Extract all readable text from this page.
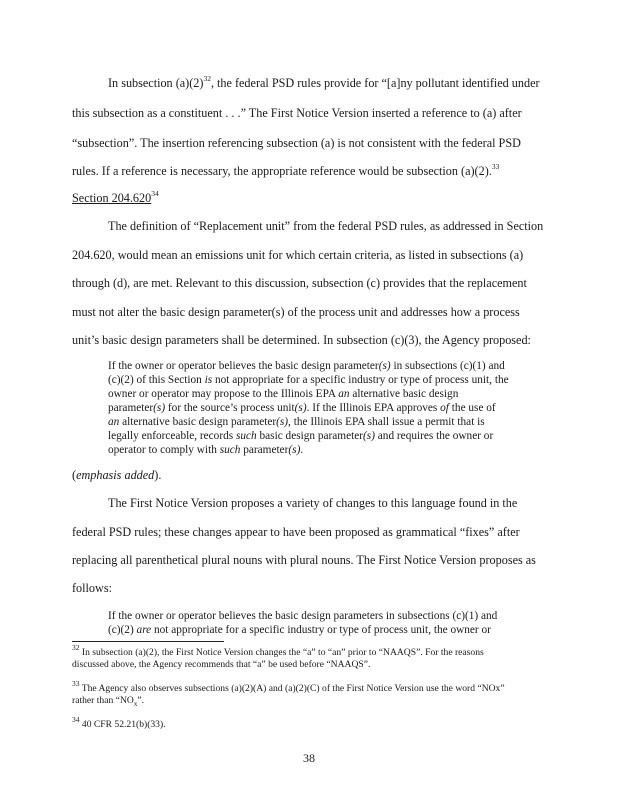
In subsection $(a)(2)^{32}$, the federal PSD rules provide for “[a]ny pollutant identified under
this subsection as a constituent . . .” The First Notice Version inserted a reference to (a) after
“subsection”. The insertion referencing subsection (a) is not consistent with the federal PSD
rules. If a reference is necessary, the appropriate reference would be subsection (a)(2).$^{33}$
Section 204.620$^{34}$
The definition of “Replacement unit” from the federal PSD rules, as addressed in Section
204.620, would mean an emissions unit for which certain criteria, as listed in subsections (a)
through (d), are met. Relevant to this discussion, subsection (c) provides that the replacement
must not alter the basic design parameter(s) of the process unit and addresses how a process
unit’s basic design parameters shall be determined. In subsection (c)(3), the Agency proposed:
If the owner or operator believes the basic design parameter(s) in subsections (c)(1) and
(c)(2) of this Section is not appropriate for a specific industry or type of process unit, the
owner or operator may propose to the Illinois EPA an alternative basic design
parameter(s) for the source’s process unit(s). If the Illinois EPA approves of the use of
an alternative basic design parameter(s), the Illinois EPA shall issue a permit that is
legally enforceable, records such basic design parameter(s) and requires the owner or
operator to comply with such parameter(s).
(emphasis added).
The First Notice Version proposes a variety of changes to this language found in the
federal PSD rules; these changes appear to have been proposed as grammatical “fixes” after
replacing all parenthetical plural nouns with plural nouns. The First Notice Version proposes as
follows:
If the owner or operator believes the basic design parameters in subsections (c)(1) and
(c)(2) are not appropriate for a specific industry or type of process unit, the owner or
$^{32}$ In subsection (a)(2), the First Notice Version changes the “a” to “an” prior to “NAAQS”. For the reasons
discussed above, the Agency recommends that “a” be used before “NAAQS”.
$^{33}$ The Agency also observes subsections (a)(2)(A) and (a)(2)(C) of the First Notice Version use the word “NOx”
rather than “$NO_x$”.
$^{34}$ 40 CFR 52.21(b)(33).
38
